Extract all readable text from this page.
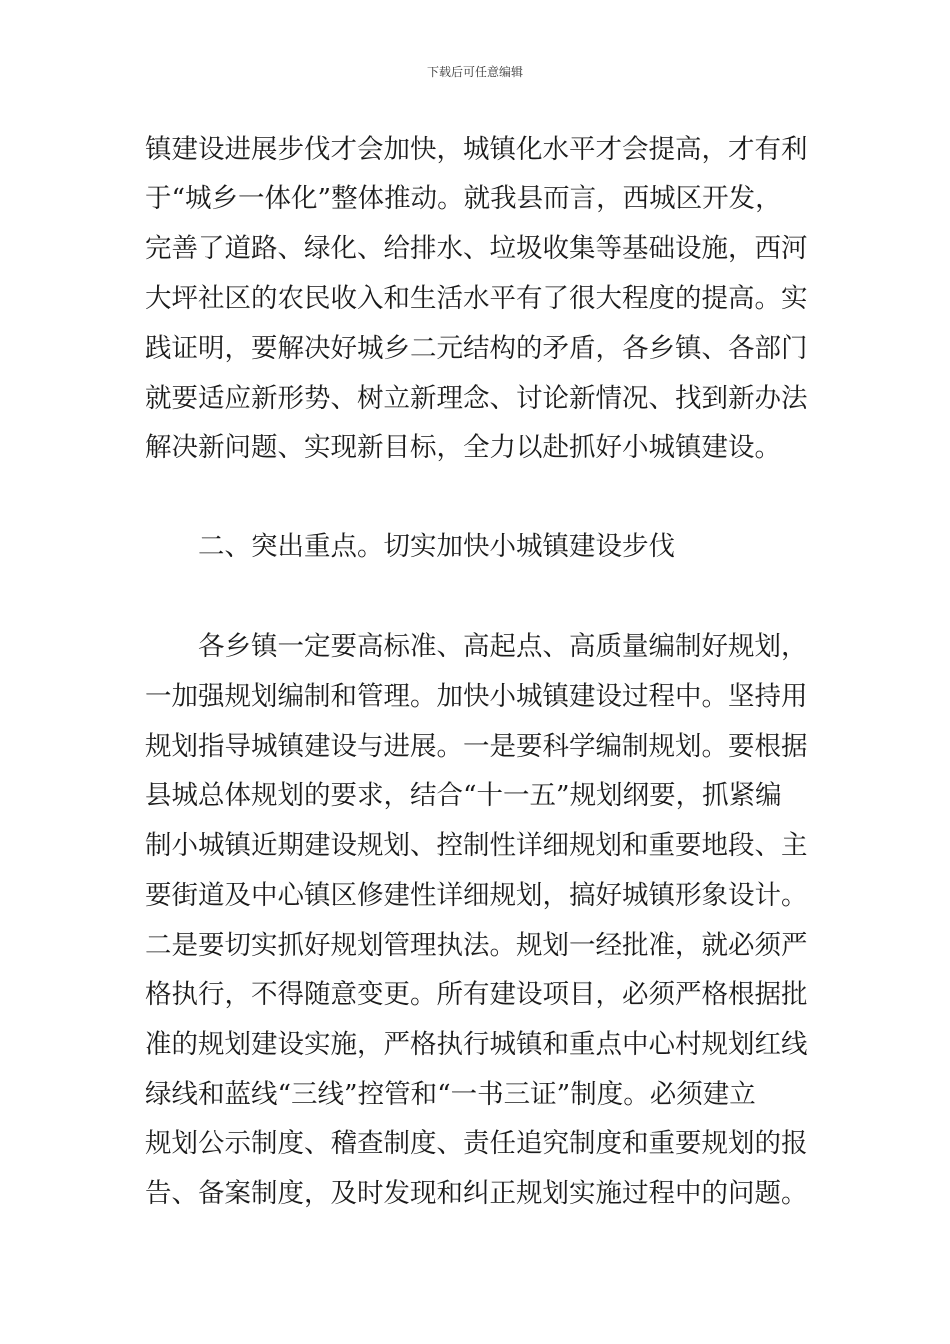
下载后可任意编辑
镇建设进展步伐才会加快，城镇化水平才会提高，才有利
于“城乡一体化”整体推动。就我县而言，西城区开发，
完善了道路、绿化、给排水、垃圾收集等基础设施，西河
大坪社区的农民收入和生活水平有了很大程度的提高。实
践证明，要解决好城乡二元结构的矛盾，各乡镇、各部门
就要适应新形势、树立新理念、讨论新情况、找到新办法
解决新问题、实现新目标，全力以赴抓好小城镇建设。
二、突出重点。切实加快小城镇建设步伐
各乡镇一定要高标准、高起点、高质量编制好规划，
一加强规划编制和管理。加快小城镇建设过程中。坚持用
规划指导城镇建设与进展。一是要科学编制规划。要根据
县城总体规划的要求，结合“十一五”规划纲要，抓紧编
制小城镇近期建设规划、控制性详细规划和重要地段、主
要街道及中心镇区修建性详细规划，搞好城镇形象设计。
二是要切实抓好规划管理执法。规划一经批准，就必须严
格执行，不得随意变更。所有建设项目，必须严格根据批
准的规划建设实施，严格执行城镇和重点中心村规划红线
绿线和蓝线“三线”控管和“一书三证”制度。必须建立
规划公示制度、稽查制度、责任追究制度和重要规划的报
告、备案制度，及时发现和纠正规划实施过程中的问题。
